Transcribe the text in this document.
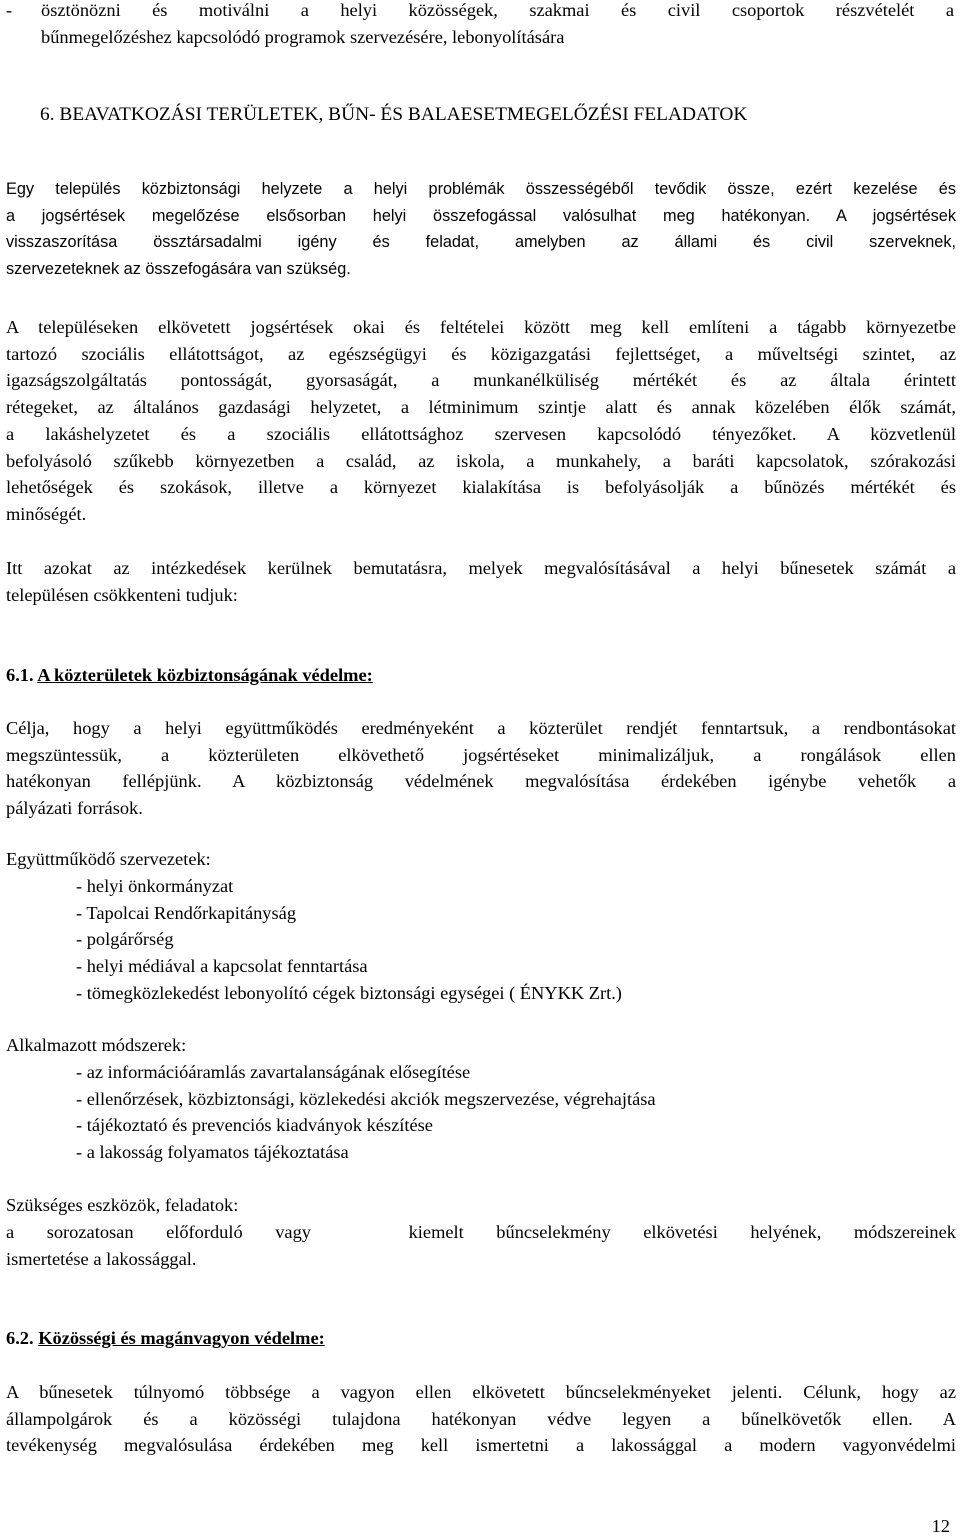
- ösztönözni és motiválni a helyi közösségek, szakmai és civil csoportok részvételét a
bűnmegelőzéshez kapcsolódó programok szervezésére, lebonyolítására
6. BEAVATKOZÁSI TERÜLETEK, BŰN- ÉS BALAESETMEGELŐZÉSI FELADATOK
Egy település közbiztonsági helyzete a helyi problémák összességéből tevődik össze, ezért kezelése és
a jogsértések megelőzése elsősorban helyi összefogással valósulhat meg hatékonyan. A jogsértések
visszaszorítása össztársadalmi igény és feladat, amelyben az állami és civil szerveknek,
szervezeteknek az összefogására van szükség.
A településeken elkövetett jogsértések okai és feltételei között meg kell említeni a tágabb környezetbe
tartozó szociális ellátottságot, az egészségügyi és közigazgatási fejlettséget, a műveltségi szintet, az
igazságszolgáltatás pontosságát, gyorsaságát, a munkanélküliség mértékét és az általa érintett
rétegeket, az általános gazdasági helyzetet, a létminimum szintje alatt és annak közelében élők számát,
a lakáshelyzetet és a szociális ellátottsághoz szervesen kapcsolódó tényezőket. A közvetlenül
befolyásoló szűkebb környezetben a család, az iskola, a munkahely, a baráti kapcsolatok, szórakozási
lehetőségek és szokások, illetve a környezet kialakítása is befolyásolják a bűnözés mértékét és
minőségét.
Itt azokat az intézkedések kerülnek bemutatásra, melyek megvalósításával a helyi bűnesetek számát a
településen csökkenteni tudjuk:
6.1. A közterületek közbiztonságának védelme:
Célja, hogy a helyi együttműködés eredményeként a közterület rendjét fenntartsuk, a rendbontásokat
megszüntessük, a közterületen elkövethető jogsértéseket minimalizáljuk, a rongálások ellen
hatékonyan fellépjünk. A közbiztonság védelmének megvalósítása érdekében igénybe vehetők a
pályázati források.
Együttműködő szervezetek:
- helyi önkormányzat
- Tapolcai Rendőrkapitányság
- polgárőrség
- helyi médiával a kapcsolat fenntartása
- tömegközlekedést lebonyolító cégek biztonsági egységei ( ÉNYKK Zrt.)
Alkalmazott módszerek:
- az információáramlás zavartalanságának elősegítése
- ellenőrzések, közbiztonsági, közlekedési akciók megszervezése, végrehajtása
- tájékoztató és prevenciós kiadványok készítése
- a lakosság folyamatos tájékoztatása
Szükséges eszközök, feladatok:
a sorozatosan előforduló vagy   kiemelt bűncselekmény elkövetési helyének, módszereinek
ismertetése a lakossággal.
6.2. Közösségi és magánvagyon védelme:
A bűnesetek túlnyomó többsége a vagyon ellen elkövetett bűncselekményeket jelenti. Célunk, hogy az
állampolgárok és a közösségi tulajdona hatékonyan védve legyen a bűnelkövetők ellen. A
tevékenység megvalósulása érdekében meg kell ismertetni a lakossággal a modern vagyonvédelmi
12
